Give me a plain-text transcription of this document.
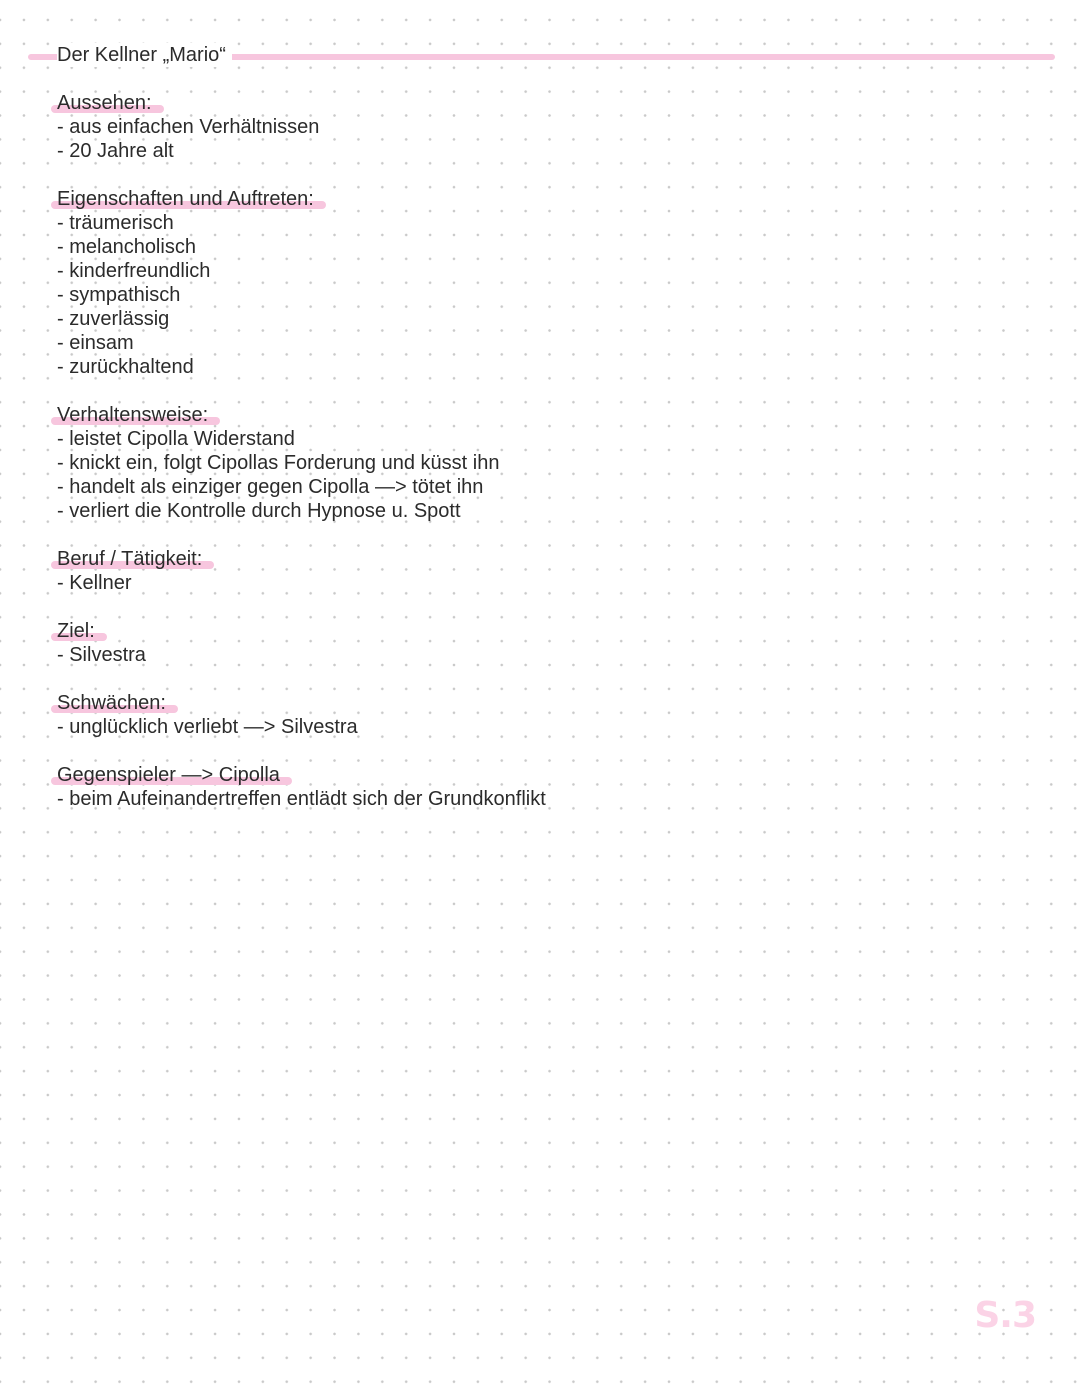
Der Kellner „Mario“
Aussehen:
- aus einfachen Verhältnissen
- 20 Jahre alt
Eigenschaften und Auftreten:
- träumerisch
- melancholisch
- kinderfreundlich
- sympathisch
- zuverlässig
- einsam
- zurückhaltend
Verhaltensweise:
- leistet Cipolla Widerstand
- knickt ein, folgt Cipollas Forderung und küsst ihn
- handelt als einziger gegen Cipolla —> tötet ihn
- verliert die Kontrolle durch Hypnose u. Spott
Beruf / Tätigkeit:
- Kellner
Ziel:
- Silvestra
Schwächen:
- unglücklich verliebt —> Silvestra
Gegenspieler —> Cipolla
- beim Aufeinandertreffen entlädt sich der Grundkonflikt
S.3
